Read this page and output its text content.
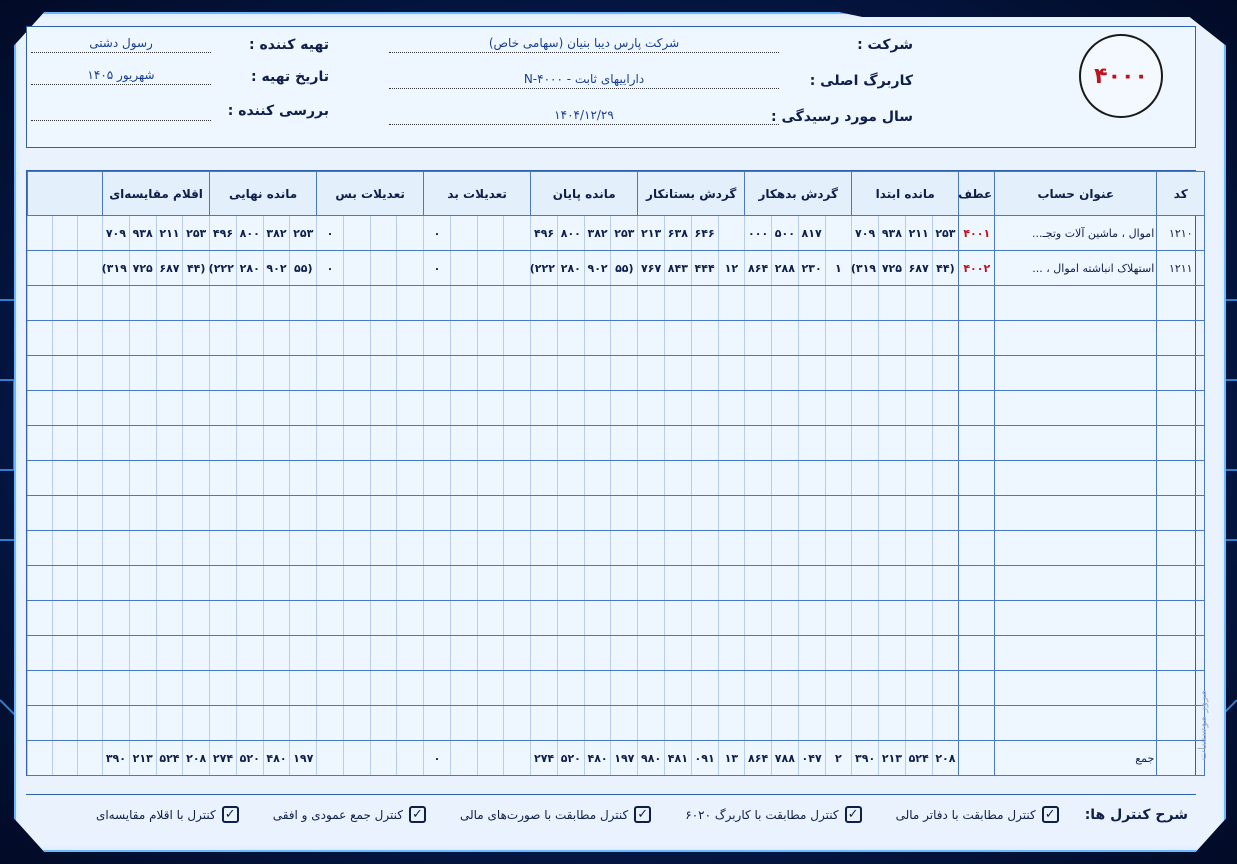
شرکت :
شرکت پارس دیبا بنیان (سهامی خاص)
کاربرگ اصلی :
داراییهای ثابت - N-۴۰۰۰
سال مورد رسیدگی :
۱۴۰۴/۱۲/۲۹
تهیه کننده :
رسول دشتی
تاریخ تهیه :
شهریور ۱۴۰۵
بررسی کننده :
۴۰۰۰
کد	عنوان حساب	عطف	مانده ابتدا				گردش بدهکار				گردش بستانکار				مانده پایان				تعدیلات بد				تعدیلات بس				مانده نهایی				اقلام مقایسه‌ای						
۱۲۱۰	اموال ، ماشین آلات وتجـ...	۴۰۰۱	۲۵۳	۲۱۱	۹۳۸	۷۰۹		۸۱۷	۵۰۰	۰۰۰		۶۴۶	۶۳۸	۲۱۳	۲۵۳	۳۸۲	۸۰۰	۴۹۶				۰				۰	۲۵۳	۳۸۲	۸۰۰	۴۹۶	۲۵۳	۲۱۱	۹۳۸	۷۰۹			
۱۲۱۱	استهلاک انباشته اموال ، ...	۴۰۰۲	(۴۴	۶۸۷	۷۲۵	۳۱۹)	۱	۲۳۰	۲۸۸	۸۶۴	۱۲	۴۴۴	۸۴۳	۷۶۷	(۵۵	۹۰۲	۲۸۰	۲۲۲)				۰				۰	(۵۵	۹۰۲	۲۸۰	۲۲۲)	(۴۴	۶۸۷	۷۲۵	۳۱۹)			

	جمع		۲۰۸	۵۲۴	۲۱۳	۳۹۰	۲	۰۴۷	۷۸۸	۸۶۴	۱۳	۰۹۱	۴۸۱	۹۸۰	۱۹۷	۴۸۰	۵۲۰	۲۷۴				۰					۱۹۷	۴۸۰	۵۲۰	۲۷۴	۲۰۸	۵۲۴	۲۱۳	۳۹۰				مرور موسسات
شرح کنترل ها:
✓
کنترل مطابقت با دفاتر مالی
✓
کنترل مطابقت با کاربرگ ۶۰۲۰
✓
کنترل مطابقت با صورت‌های مالی
✓
کنترل جمع عمودی و افقی
✓
کنترل با اقلام مقایسه‌ای
